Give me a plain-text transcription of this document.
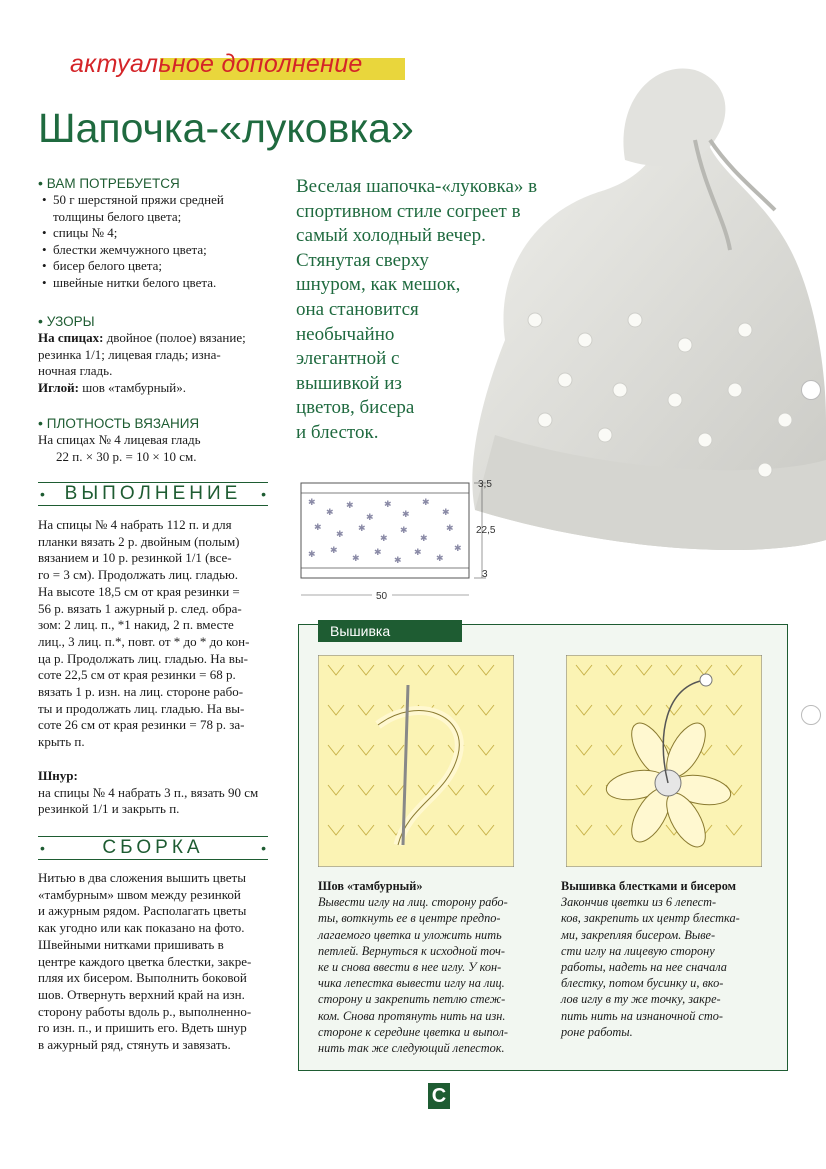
актуальное дополнение
Шапочка-«луковка»
• ВАМ ПОТРЕБУЕТСЯ
• 50 г шерстяной пряжи средней
толщины белого цвета;
• спицы № 4;
• блестки жемчужного цвета;
• бисер белого цвета;
• швейные нитки белого цвета.
• УЗОРЫ
На спицах: двойное (полое) вязание;
резинка 1/1; лицевая гладь; изна-
ночная гладь.
Иглой: шов «тамбурный».
• ПЛОТНОСТЬ ВЯЗАНИЯ
На спицах № 4 лицевая гладь
22 п. × 30 р. = 10 × 10 см.
• ВЫПОЛНЕНИЕ •
На спицы № 4 набрать 112 п. и для
планки вязать 2 р. двойным (полым)
вязанием и 10 р. резинкой 1/1 (все-
го = 3 см). Продолжать лиц. гладью.
На высоте 18,5 см от края резинки =
56 р. вязать 1 ажурный р. след. обра-
зом: 2 лиц. п., *1 накид, 2 п. вместе
лиц., 3 лиц. п.*, повт. от * до * до кон-
ца р. Продолжать лиц. гладью. На вы-
соте 22,5 см от края резинки = 68 р.
вязать 1 р. изн. на лиц. стороне рабо-
ты и продолжать лиц. гладью. На вы-
соте 26 см от края резинки = 78 р. за-
крыть п.
Шнур:
на спицы № 4 набрать 3 п., вязать 90 см
резинкой 1/1 и закрыть п.
•	СБОРКА	•
Нитью в два сложения вышить цветы
«тамбурным» швом между резинкой
и ажурным рядом. Располагать цветы
как угодно или как показано на фото.
Швейными нитками пришивать в
центре каждого цветка блестки, закре-
пляя их бисером. Выполнить боковой
шов. Отвернуть верхний край на изн.
сторону работы вдоль р., выполненно-
го изн. п., и пришить его. Вдеть шнур
в ажурный ряд, стянуть и завязать.
Веселая шапочка-«луковка» в
спортивном стиле согреет в
самый холодный вечер.
Стянутая сверху
шнуром, как мешок,
она становится
необычайно
элегантной с
вышивкой из
цветов, бисера
и блесток.
✱
✱
✱
✱
✱
✱
✱
✱
✱
✱
✱
✱
✱
✱
✱
✱ ✱
✱
✱
✱
✱
✱
✱
3,5
22,5
3
50
Вышивка
Шов «тамбурный»
Вывести иглу на лиц. сторону рабо-
ты, воткнуть ее в центре предпо-
лагаемого цветка и уложить нить
петлей. Вернуться к исходной точ-
ке и снова ввести в нее иглу. У кон-
чика лепестка вывести иглу на лиц.
сторону и закрепить петлю стеж-
ком. Снова протянуть нить на изн.
стороне к середине цветка и выпол-
нить так же следующий лепесток.
Вышивка блестками и бисером
Закончив цветки из 6 лепест-
ков, закрепить их центр блестка-
ми, закрепляя бисером. Выве-
сти иглу на лицевую сторону
работы, надеть на нее сначала
блестку, потом бусинку и, вко-
лов иглу в ту же точку, закре-
пить нить на изнаночной сто-
роне работы.
C
